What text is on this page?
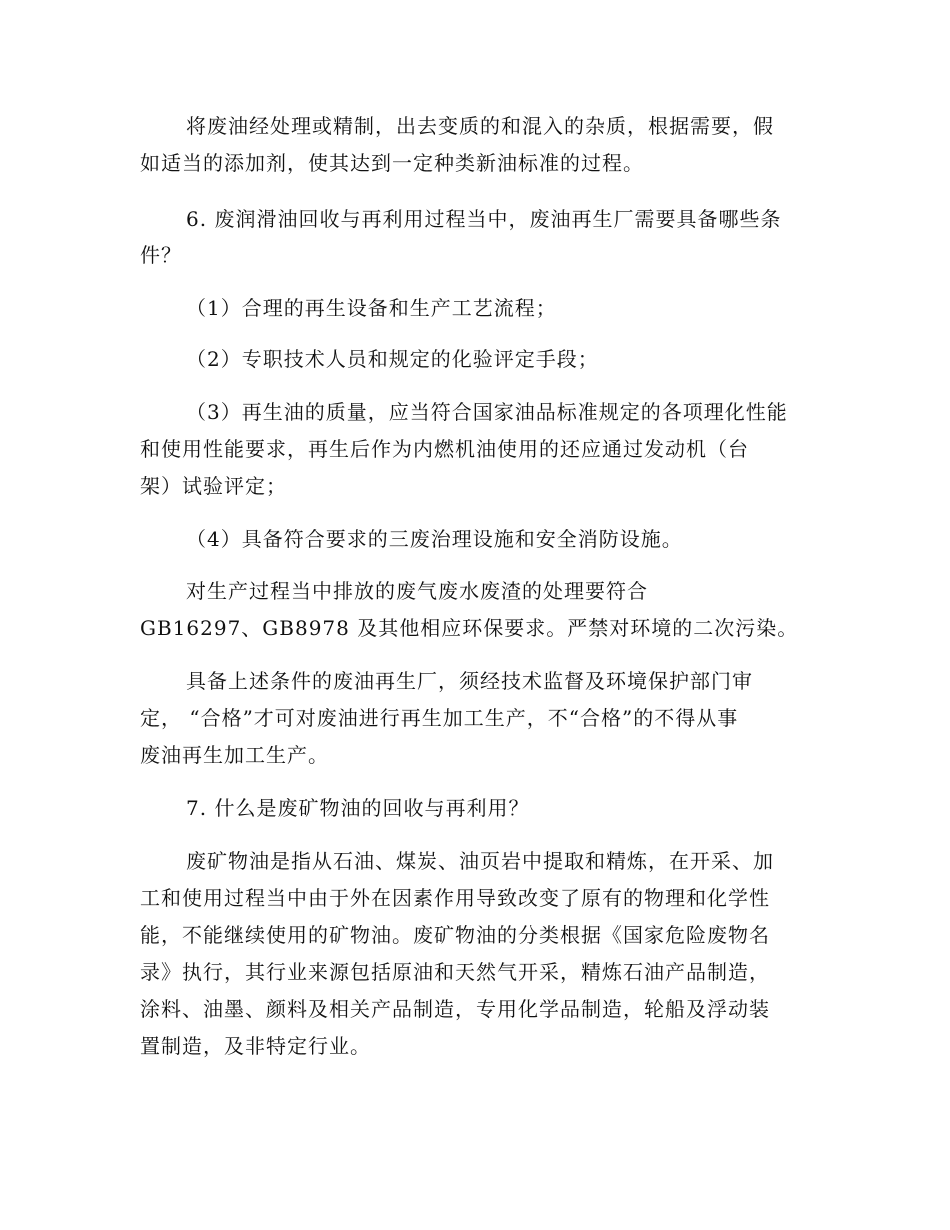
将废油经处理或精制，出去变质的和混入的杂质，根据需要，假
如适当的添加剂，使其达到一定种类新油标准的过程。
6. 废润滑油回收与再利用过程当中，废油再生厂需要具备哪些条
件？
（1）合理的再生设备和生产工艺流程；
（2）专职技术人员和规定的化验评定手段；
（3）再生油的质量，应当符合国家油品标准规定的各项理化性能
和使用性能要求，再生后作为内燃机油使用的还应通过发动机（台
架）试验评定；
（4）具备符合要求的三废治理设施和安全消防设施。
对生产过程当中排放的废气废水废渣的处理要符合
GB16297、GB8978 及其他相应环保要求。严禁对环境的二次污染。
具备上述条件的废油再生厂，须经技术监督及环境保护部门审
定， “合格”才可对废油进行再生加工生产，不“合格”的不得从事
废油再生加工生产。
7. 什么是废矿物油的回收与再利用？
废矿物油是指从石油、煤炭、油页岩中提取和精炼，在开采、加
工和使用过程当中由于外在因素作用导致改变了原有的物理和化学性
能，不能继续使用的矿物油。废矿物油的分类根据《国家危险废物名
录》执行，其行业来源包括原油和天然气开采，精炼石油产品制造，
涂料、油墨、颜料及相关产品制造，专用化学品制造，轮船及浮动装
置制造，及非特定行业。
